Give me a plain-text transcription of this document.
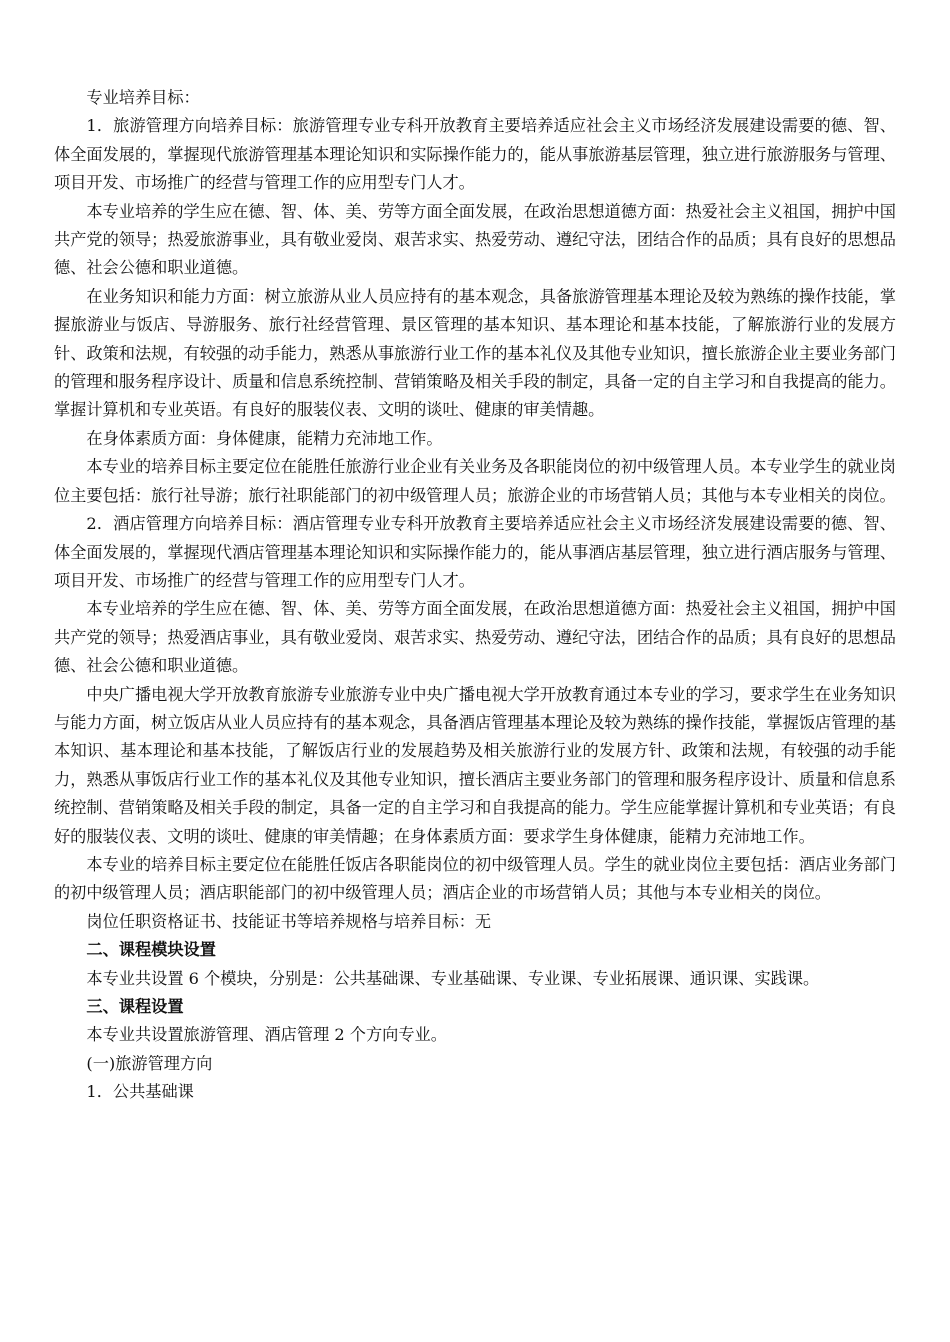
专业培养目标：

1．旅游管理方向培养目标：旅游管理专业专科开放教育主要培养适应社会主义市场经济发展建设需要的德、智、体全面发展的，掌握现代旅游管理基本理论知识和实际操作能力的，能从事旅游基层管理，独立进行旅游服务与管理、项目开发、市场推广的经营与管理工作的应用型专门人才。

本专业培养的学生应在德、智、体、美、劳等方面全面发展，在政治思想道德方面：热爱社会主义祖国，拥护中国共产党的领导；热爱旅游事业，具有敬业爱岗、艰苦求实、热爱劳动、遵纪守法，团结合作的品质；具有良好的思想品德、社会公德和职业道德。

在业务知识和能力方面：树立旅游从业人员应持有的基本观念，具备旅游管理基本理论及较为熟练的操作技能，掌握旅游业与饭店、导游服务、旅行社经营管理、景区管理的基本知识、基本理论和基本技能，了解旅游行业的发展方针、政策和法规，有较强的动手能力，熟悉从事旅游行业工作的基本礼仪及其他专业知识，擅长旅游企业主要业务部门的管理和服务程序设计、质量和信息系统控制、营销策略及相关手段的制定，具备一定的自主学习和自我提高的能力。掌握计算机和专业英语。有良好的服装仪表、文明的谈吐、健康的审美情趣。

在身体素质方面：身体健康，能精力充沛地工作。

本专业的培养目标主要定位在能胜任旅游行业企业有关业务及各职能岗位的初中级管理人员。本专业学生的就业岗位主要包括：旅行社导游；旅行社职能部门的初中级管理人员；旅游企业的市场营销人员；其他与本专业相关的岗位。

2．酒店管理方向培养目标：酒店管理专业专科开放教育主要培养适应社会主义市场经济发展建设需要的德、智、体全面发展的，掌握现代酒店管理基本理论知识和实际操作能力的，能从事酒店基层管理，独立进行酒店服务与管理、项目开发、市场推广的经营与管理工作的应用型专门人才。

本专业培养的学生应在德、智、体、美、劳等方面全面发展，在政治思想道德方面：热爱社会主义祖国，拥护中国共产党的领导；热爱酒店事业，具有敬业爱岗、艰苦求实、热爱劳动、遵纪守法，团结合作的品质；具有良好的思想品德、社会公德和职业道德。

中央广播电视大学开放教育旅游专业旅游专业中央广播电视大学开放教育通过本专业的学习，要求学生在业务知识与能力方面，树立饭店从业人员应持有的基本观念，具备酒店管理基本理论及较为熟练的操作技能，掌握饭店管理的基本知识、基本理论和基本技能，了解饭店行业的发展趋势及相关旅游行业的发展方针、政策和法规，有较强的动手能力，熟悉从事饭店行业工作的基本礼仪及其他专业知识，擅长酒店主要业务部门的管理和服务程序设计、质量和信息系统控制、营销策略及相关手段的制定，具备一定的自主学习和自我提高的能力。学生应能掌握计算机和专业英语；有良好的服装仪表、文明的谈吐、健康的审美情趣；在身体素质方面：要求学生身体健康，能精力充沛地工作。

本专业的培养目标主要定位在能胜任饭店各职能岗位的初中级管理人员。学生的就业岗位主要包括：酒店业务部门的初中级管理人员；酒店职能部门的初中级管理人员；酒店企业的市场营销人员；其他与本专业相关的岗位。

岗位任职资格证书、技能证书等培养规格与培养目标：无

二、课程模块设置

本专业共设置 6 个模块，分别是：公共基础课、专业基础课、专业课、专业拓展课、通识课、实践课。

三、课程设置

本专业共设置旅游管理、酒店管理 2 个方向专业。

(一)旅游管理方向

1．公共基础课
